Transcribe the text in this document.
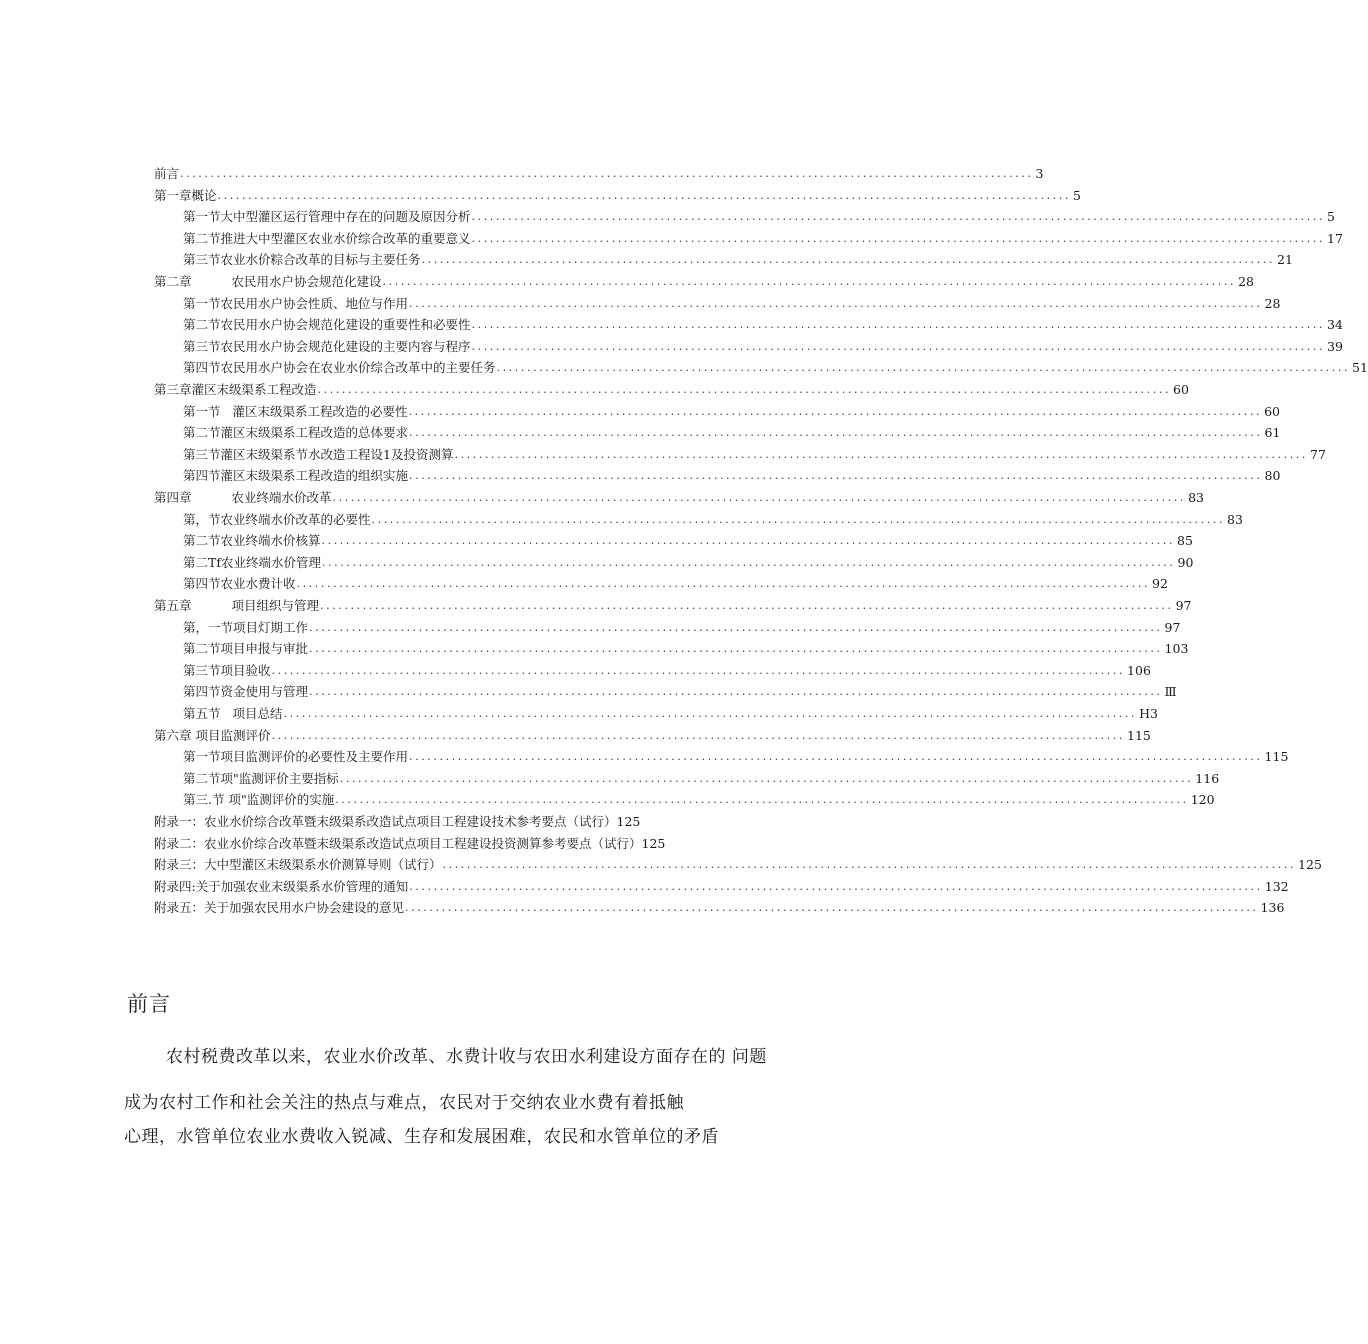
前言 ............................................................................................................................................ 3
第一章概论 ............................................................................................................................................ 5
第一节大中型灌区运行管理中存在的问题及原因分析 ............................................................................................................................................ 5
第二节推进大中型灌区农业水价综合改革的重要意义 ............................................................................................................................................ 17
第三节农业水价粽合改革的目标与主要任务 ............................................................................................................................................ 21
第二章	农民用水户协会规范化建设 ............................................................................................................................................ 28
第一节农民用水户协会性质、地位与作用 ............................................................................................................................................ 28
第二节农民用水户协会规范化建设的重要性和必要性 ............................................................................................................................................ 34
第三节农民用水户协会规范化建设的主要内容与程序 ............................................................................................................................................ 39
第四节农民用水户协会在农业水价综合改革中的主要任务 ............................................................................................................................................ 51
第三章灌区末级渠系工程改造 ............................................................................................................................................ 60
第一节 灌区末级渠系工程改造的必要性 ............................................................................................................................................ 60
第二节灌区末级渠系工程改造的总体要求 ............................................................................................................................................ 61
第三节灌区末级渠系节水改造工程设1及投资测算 ............................................................................................................................................ 77
第四节灌区末级渠系工程改造的组织实施 ............................................................................................................................................ 80
第四章	农业终端水价改革 ............................................................................................................................................ 83
第，节农业终端水价改革的必要性 ............................................................................................................................................ 83
第二节农业终端水价核算 ............................................................................................................................................ 85
第二Tf农业终端水价管理 ............................................................................................................................................ 90
第四节农业水费计收 ............................................................................................................................................ 92
第五章	项目组织与管理 ............................................................................................................................................ 97
第，一节项目灯期工作 ............................................................................................................................................ 97
第二节项目申报与审批 ............................................................................................................................................ 103
第三节项目验收 ............................................................................................................................................ 106
第四节资金使用与管理 ............................................................................................................................................ Ⅲ
第五节 项目总结 ............................................................................................................................................ H3
第六章 项目监测评价 ............................................................................................................................................ 115
第一节项目监测评价的必要性及主要作用 ............................................................................................................................................ 115
第二节项"监测评价主要指标 ............................................................................................................................................ 116
第三.节 项"监测评价的实施 ............................................................................................................................................ 120
附录一：农业水价综合改革暨末级渠系改造试点项目工程建设技术参考要点（试行） 125
附录二：农业水价综合改革暨末级渠系改造试点项目工程建设投资测算参考要点（试行） 125
附录三：大中型灌区末级渠系水价测算导则（试行） ............................................................................................................................................ 125
附录四:关于加强农业末级渠系水价管理的通知 ............................................................................................................................................ 132
附录五：关于加强农民用水户协会建设的意见 ............................................................................................................................................ 136
前言
农村税费改革以来，农业水价改革、水费计收与农田水利建设方面存在的 问题
成为农村工作和社会关注的热点与难点，农民对于交纳农业水费有着抵触
心理，水管单位农业水费收入锐减、生存和发展困难，农民和水管单位的矛盾
